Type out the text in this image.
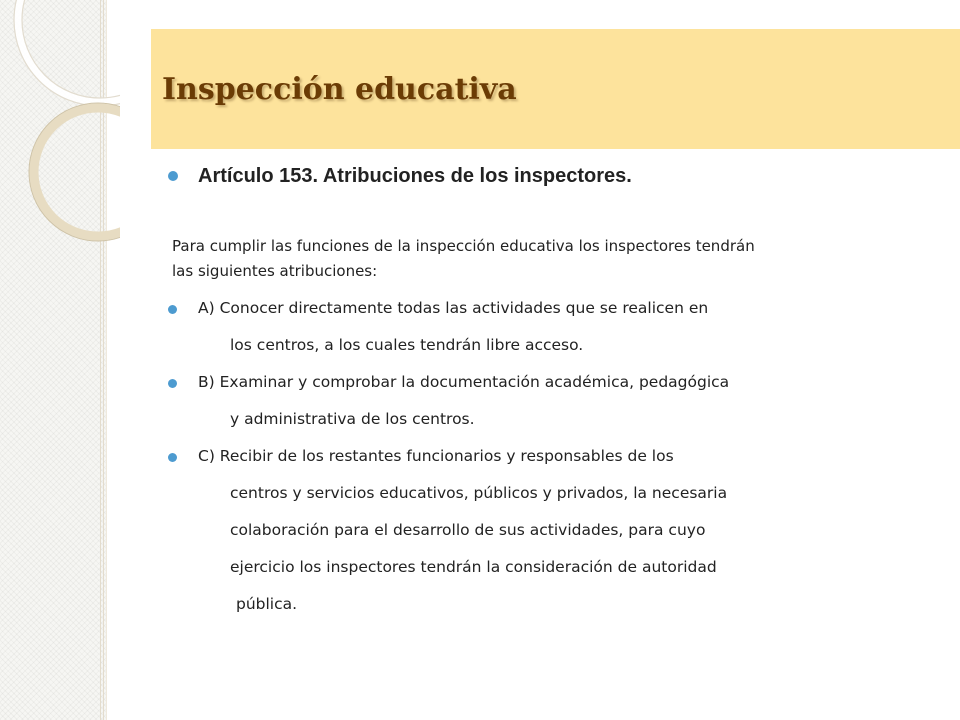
Inspección educativa
Artículo 153. Atribuciones de los inspectores.
Para cumplir las funciones de la inspección educativa los inspectores tendrán
las siguientes atribuciones:
A) Conocer directamente todas las actividades que se realicen en
los centros, a los cuales tendrán libre acceso.
B) Examinar y comprobar la documentación académica, pedagógica
y administrativa de los centros.
C) Recibir de los restantes funcionarios y responsables de los
centros y servicios educativos, públicos y privados, la necesaria
colaboración para el desarrollo de sus actividades, para cuyo
ejercicio los inspectores tendrán la consideración de autoridad
pública.
